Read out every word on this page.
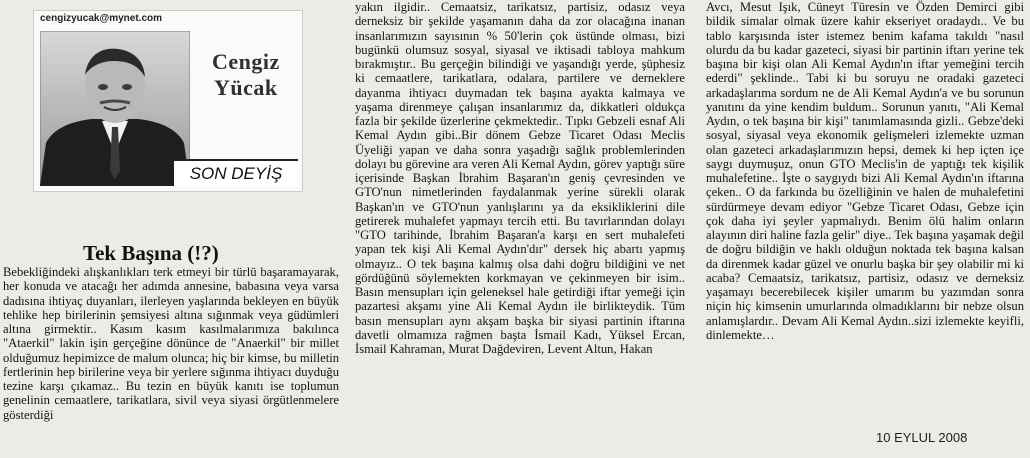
cengizyucak@mynet.com
Cengiz
Yücak
SON DEYİŞ
Tek Başına (!?)

Bebekliğindeki alışkanlıkları terk etmeyi bir türlü başaramayarak, her konuda ve atacağı her adımda annesine, babasına veya varsa dadısına ihtiyaç duyanları, ilerleyen yaşlarında bekleyen en büyük tehlike hep birilerinin şemsiyesi altına sığınmak veya güdümleri altına girmektir.. Kasım kasım kasılmalarımıza bakılınca "Ataerkil" lakin işin gerçeğine dönünce de "Anaerkil" bir millet olduğumuz hepimizce de malum olunca; hiç bir kimse, bu milletin fertlerinin hep birilerine veya bir yerlere sığınma ihtiyacı duyduğu tezine karşı çıkamaz.. Bu tezin en büyük kanıtı ise toplumun genelinin cemaatlere, tarikatlara, sivil veya siyasi örgütlenmelere gösterdiği

yakın ilgidir.. Cemaatsiz, tarikatsız, partisiz, odasız veya derneksiz bir şekilde yaşamanın daha da zor olacağına inanan insanlarımızın sayısının % 50'lerin çok üstünde olması, bizi bugünkü olumsuz sosyal, siyasal ve iktisadi tabloya mahkum bırakmıştır.. Bu gerçeğin bilindiği ve yaşandığı yerde, şüphesiz ki cemaatlere, tarikatlara, odalara, partilere ve derneklere dayanma ihtiyacı duymadan tek başına ayakta kalmaya ve yaşama direnmeye çalışan insanlarımız da, dikkatleri oldukça fazla bir şekilde üzerlerine çekmektedir.. Tıpkı Gebzeli esnaf Ali Kemal Aydın gibi..Bir dönem Gebze Ticaret Odası Meclis Üyeliği yapan ve daha sonra yaşadığı sağlık problemlerinden dolayı bu görevine ara veren Ali Kemal Aydın, görev yaptığı süre içerisinde Başkan İbrahim Başaran'ın geniş çevresinden ve GTO'nun nimetlerinden faydalanmak yerine sürekli olarak Başkan'ın ve GTO'nun yanlışlarını ya da eksikliklerini dile getirerek muhalefet yapmayı tercih etti. Bu tavırlarından dolayı "GTO tarihinde, İbrahim Başaran'a karşı en sert muhalefeti yapan tek kişi Ali Kemal Aydın'dır" dersek hiç abartı yapmış olmayız.. O tek başına kalmış olsa dahi doğru bildiğini ve net gördüğünü söylemekten korkmayan ve çekinmeyen bir isim.. Basın mensupları için geleneksel hale getirdiği iftar yemeği için pazartesi akşamı yine Ali Kemal Aydın ile birlikteydik. Tüm basın mensupları aynı akşam başka bir siyasi partinin iftarına davetli olmamıza rağmen başta İsmail Kadı, Yüksel Ercan, İsmail Kahraman, Murat Dağdeviren, Levent Altun, Hakan

Avcı, Mesut Işık, Cüneyt Türesin ve Özden Demirci gibi bildik simalar olmak üzere kahir ekseriyet oradaydı.. Ve bu tablo karşısında ister istemez benim kafama takıldı "nasıl olurdu da bu kadar gazeteci, siyasi bir partinin iftarı yerine tek başına bir kişi olan Ali Kemal Aydın'ın iftar yemeğini tercih ederdi" şeklinde.. Tabi ki bu soruyu ne oradaki gazeteci arkadaşlarıma sordum ne de Ali Kemal Aydın'a ve bu sorunun yanıtını da yine kendim buldum.. Sorunun yanıtı, "Ali Kemal Aydın, o tek başına bir kişi" tanımlamasında gizli.. Gebze'deki sosyal, siyasal veya ekonomik gelişmeleri izlemekte uzman olan gazeteci arkadaşlarımızın hepsi, demek ki hep içten içe saygı duymuşuz, onun GTO Meclis'in de yaptığı tek kişilik muhalefetine.. İşte o saygıydı bizi Ali Kemal Aydın'ın iftarına çeken.. O da farkında bu özelliğinin ve halen de muhalefetini sürdürmeye devam ediyor "Gebze Ticaret Odası, Gebze için çok daha iyi şeyler yapmalıydı. Benim ölü halim onların alayının diri haline fazla gelir" diye.. Tek başına yaşamak değil de doğru bildiğin ve haklı olduğun noktada tek başına kalsan da direnmek kadar güzel ve onurlu başka bir şey olabilir mi ki acaba? Cemaatsiz, tarikatsız, partisiz, odasız ve derneksiz yaşamayı becerebilecek kişiler umarım bu yazımdan sonra niçin hiç kimsenin umurlarında olmadıklarını bir nebze olsun anlamışlardır.. Devam Ali Kemal Aydın..sizi izlemekte keyifli, dinlemekte…

10 EYLUL 2008
